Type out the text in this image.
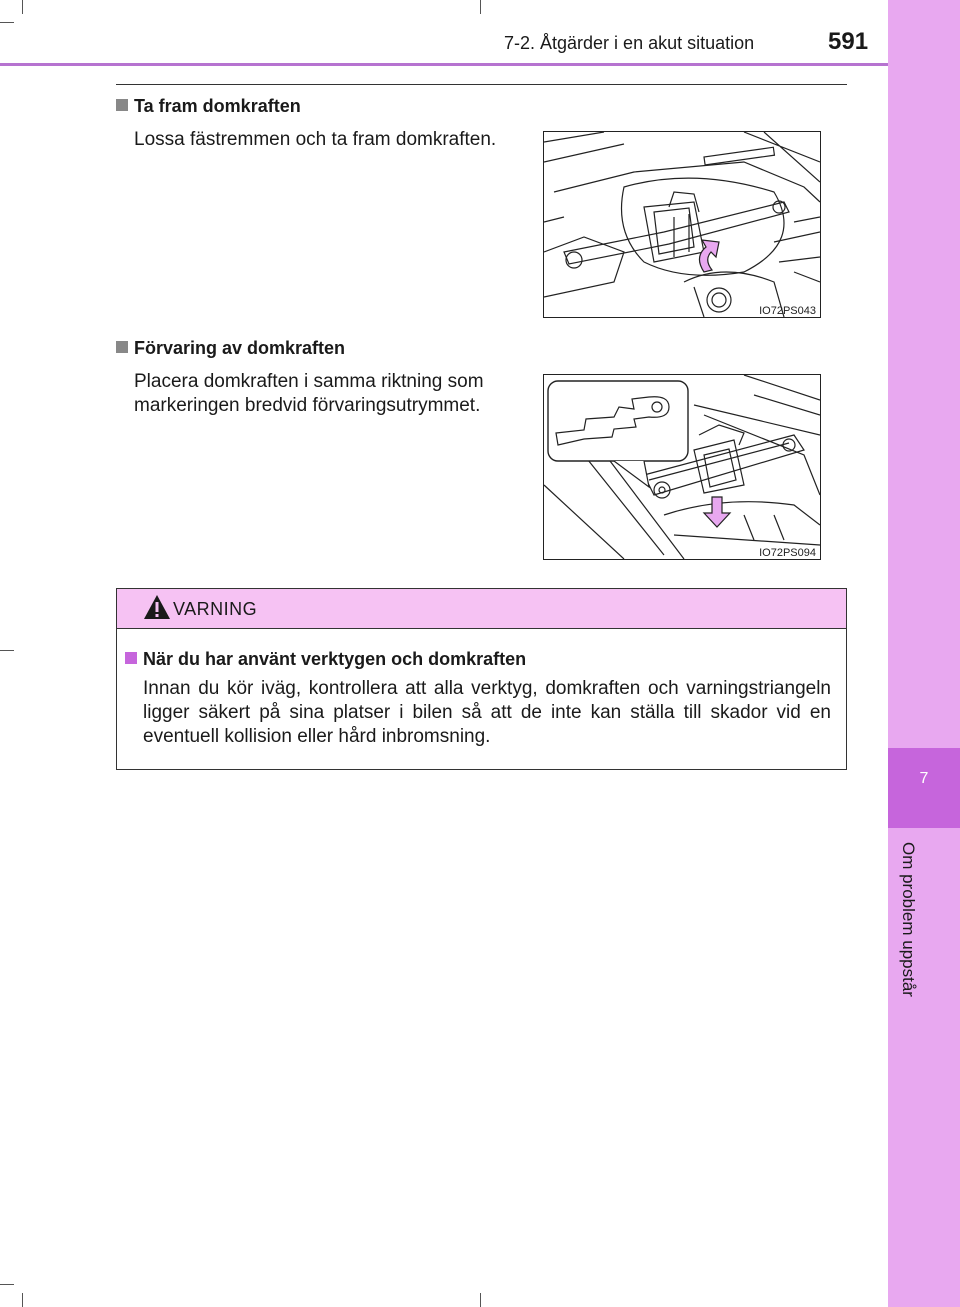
7
Om problem uppstår
7-2. Åtgärder i en akut situation	591
Ta fram domkraften
Lossa fästremmen och ta fram domkraften.
IO72PS043
Förvaring av domkraften
Placera domkraften i samma riktning som
markeringen bredvid förvaringsutrymmet.
IO72PS094
VARNING
När du har använt verktygen och domkraften
Innan du kör iväg, kontrollera att alla verktyg, domkraften och varningstriangeln ligger säkert på sina platser i bilen så att de inte kan ställa till skador vid en eventuell kollision eller hård inbromsning.
